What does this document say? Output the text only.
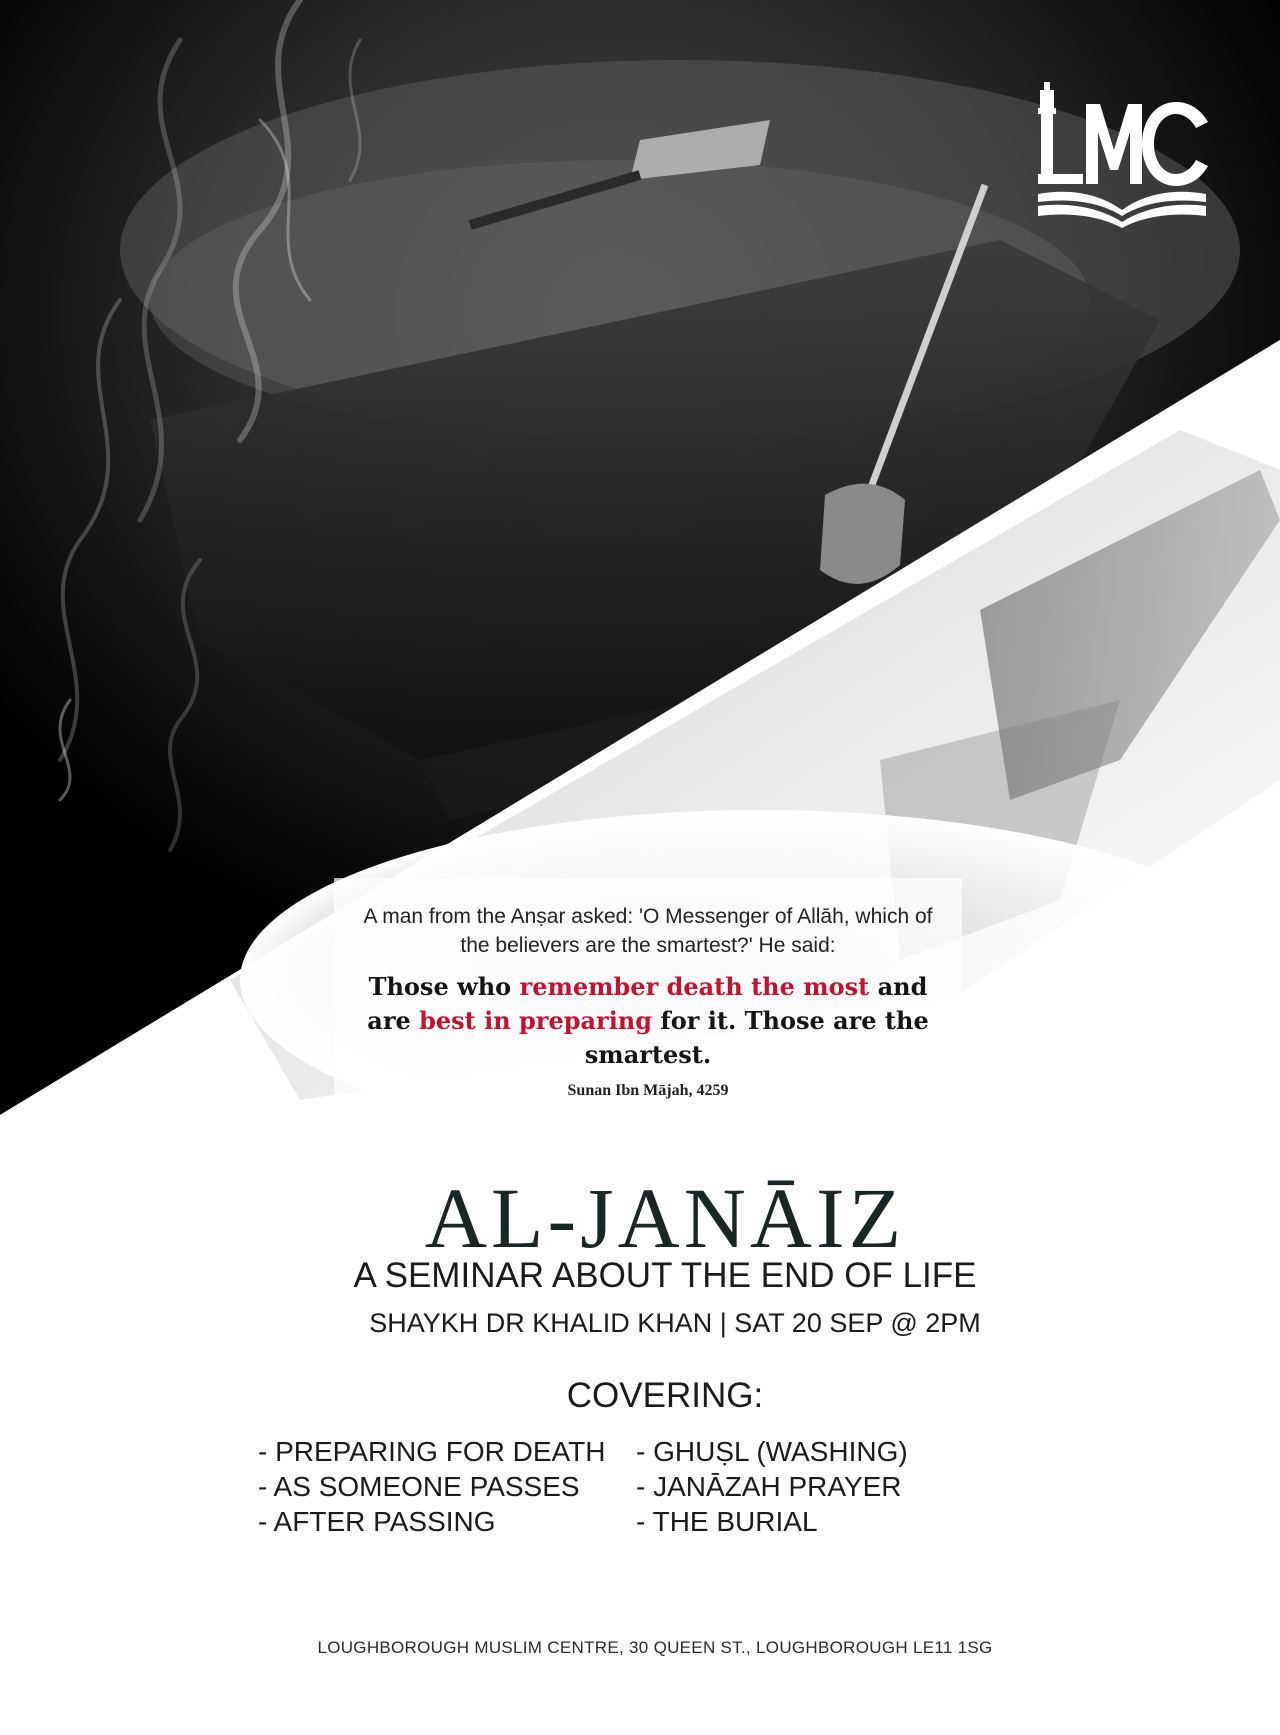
A man from the Anṣar asked: 'O Messenger of Allāh, which of the believers are the smartest?' He said:
Those who remember death the most and are best in preparing for it. Those are the smartest.
Sunan Ibn Mājah, 4259
AL-JANĀIZ
A SEMINAR ABOUT THE END OF LIFE
SHAYKH DR KHALID KHAN | SAT 20 SEP @ 2PM
COVERING:
- PREPARING FOR DEATH
- AS SOMEONE PASSES
- AFTER PASSING
- GHUṢL (WASHING)
- JANĀZAH PRAYER
- THE BURIAL
LOUGHBOROUGH MUSLIM CENTRE, 30 QUEEN ST., LOUGHBOROUGH LE11 1SG
